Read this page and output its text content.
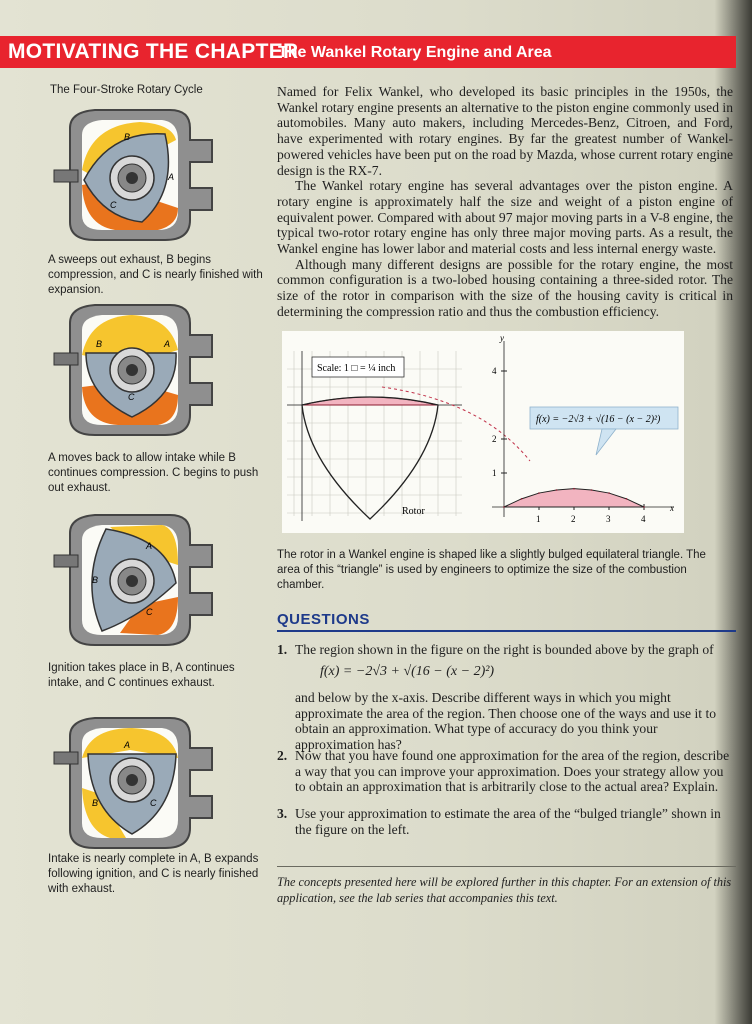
MOTIVATING THE CHAPTER
The Wankel Rotary Engine and Area
The Four-Stroke Rotary Cycle
B
A
C
A sweeps out exhaust, B begins compression, and C is nearly finished with expansion.
B	A
C
A moves back to allow intake while B continues compression. C begins to push out exhaust.
A
B
C
Ignition takes place in B, A continues intake, and C continues exhaust.
A
B	C
Intake is nearly complete in A, B expands following ignition, and C is nearly finished with exhaust.

Named for Felix Wankel, who developed its basic principles in the 1950s, the Wankel rotary engine presents an alternative to the piston engine commonly used in automobiles. Many auto makers, including Mercedes-Benz, Citroen, and Ford, have experimented with rotary engines. By far the greatest number of Wankel-powered vehicles have been put on the road by Mazda, whose current rotary engine design is the RX-7.

The Wankel rotary engine has several advantages over the piston engine. A rotary engine is approximately half the size and weight of a piston engine of equivalent power. Compared with about 97 major moving parts in a V-8 engine, the typical two-rotor rotary engine has only three major moving parts. As a result, the Wankel engine has lower labor and material costs and less internal energy waste.

Although many different designs are possible for the rotary engine, the most common configuration is a two-lobed housing containing a three-sided rotor. The size of the rotor in comparison with the size of the housing cavity is critical in determining the compression ratio and thus the combustion efficiency.

Scale: 1 □ = ¼ inch
Rotor
y
x
1	2	3	4
1
2
4
f(x) = −2√3 + √(16 − (x − 2)²)
The rotor in a Wankel engine is shaped like a slightly bulged equilateral triangle. The area of this “triangle” is used by engineers to optimize the size of the combustion chamber.
QUESTIONS
1. The region shown in the figure on the right is bounded above by the graph of
f(x) = −2√3 + √(16 − (x − 2)²)
and below by the x-axis. Describe different ways in which you might approximate the area of the region. Then choose one of the ways and use it to obtain an approximation. What type of accuracy do you think your approximation has?
2. Now that you have found one approximation for the area of the region, describe a way that you can improve your approximation. Does your strategy allow you to obtain an approximation that is arbitrarily close to the actual area? Explain.
3. Use your approximation to estimate the area of the “bulged triangle” shown in the figure on the left.
The concepts presented here will be explored further in this chapter. For an extension of this application, see the lab series that accompanies this text.
